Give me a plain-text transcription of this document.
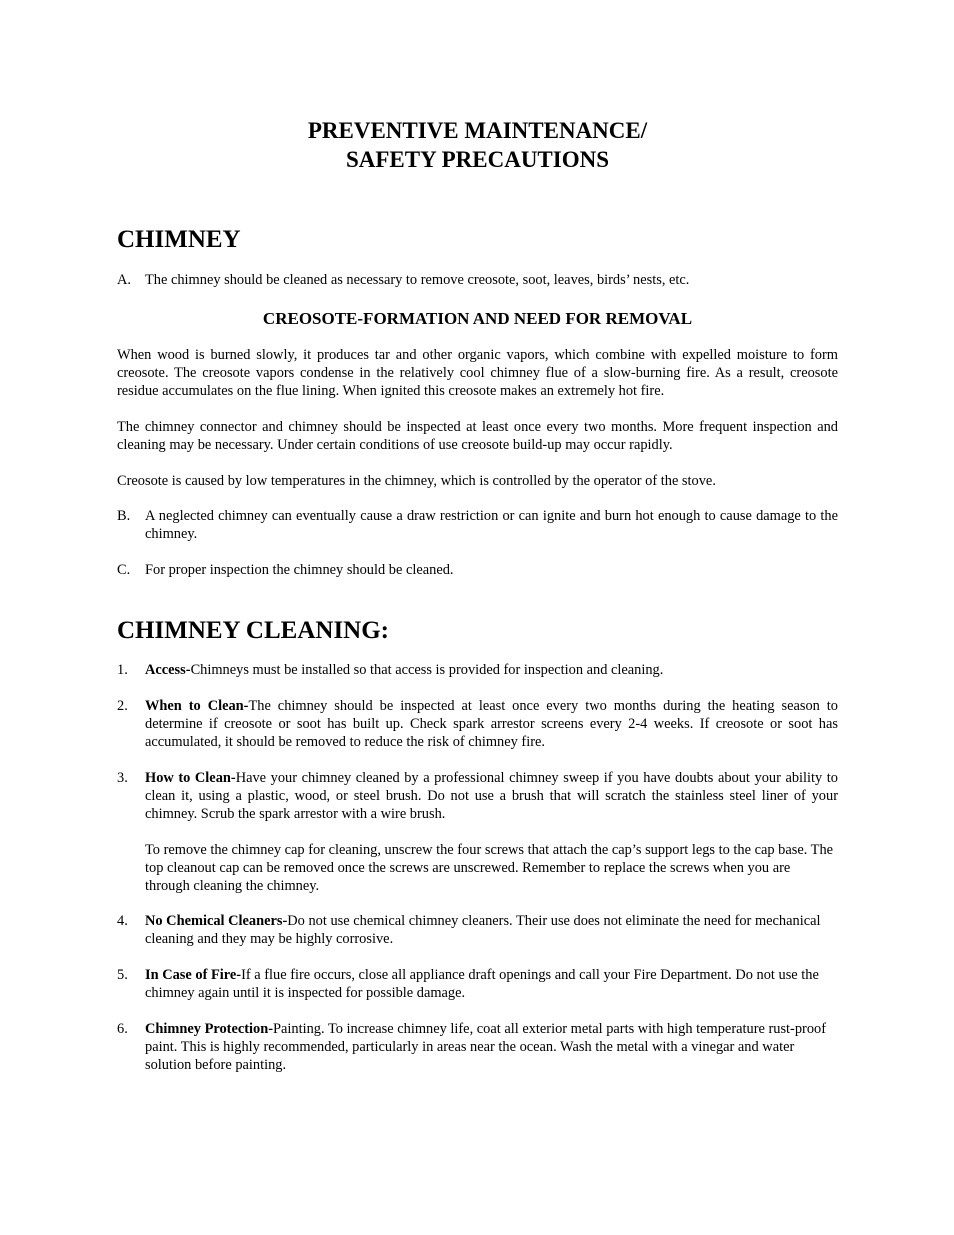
PREVENTIVE MAINTENANCE/
SAFETY PRECAUTIONS
CHIMNEY

A. The chimney should be cleaned as necessary to remove creosote, soot, leaves, birds’ nests, etc.

CREOSOTE-FORMATION AND NEED FOR REMOVAL

When wood is burned slowly, it produces tar and other organic vapors, which combine with expelled moisture to form creosote. The creosote vapors condense in the relatively cool chimney flue of a slow-burning fire. As a result, creosote residue accumulates on the flue lining. When ignited this creosote makes an extremely hot fire.

The chimney connector and chimney should be inspected at least once every two months. More frequent inspection and cleaning may be necessary. Under certain conditions of use creosote build-up may occur rapidly.

Creosote is caused by low temperatures in the chimney, which is controlled by the operator of the stove.

B.	A neglected chimney can eventually cause a draw restriction or can ignite and burn hot enough to cause damage to the chimney.

C.	For proper inspection the chimney should be cleaned.

CHIMNEY CLEANING:

1.	Access-Chimneys must be installed so that access is provided for inspection and cleaning.

2.	When to Clean-The chimney should be inspected at least once every two months during the heating season to determine if creosote or soot has built up. Check spark arrestor screens every 2-4 weeks. If creosote or soot has accumulated, it should be removed to reduce the risk of chimney fire.

3.	How to Clean-Have your chimney cleaned by a professional chimney sweep if you have doubts about your ability to clean it, using a plastic, wood, or steel brush. Do not use a brush that will scratch the stainless steel liner of your chimney. Scrub the spark arrestor with a wire brush.

To remove the chimney cap for cleaning, unscrew the four screws that attach the cap’s support legs to the cap base. The top cleanout cap can be removed once the screws are unscrewed. Remember to replace the screws when you are through cleaning the chimney.

4.	No Chemical Cleaners-Do not use chemical chimney cleaners. Their use does not eliminate the need for mechanical cleaning and they may be highly corrosive.

5.	In Case of Fire-If a flue fire occurs, close all appliance draft openings and call your Fire Department. Do not use the chimney again until it is inspected for possible damage.

6.	Chimney Protection-Painting. To increase chimney life, coat all exterior metal parts with high temperature rust-proof paint. This is highly recommended, particularly in areas near the ocean. Wash the metal with a vinegar and water solution before painting.
